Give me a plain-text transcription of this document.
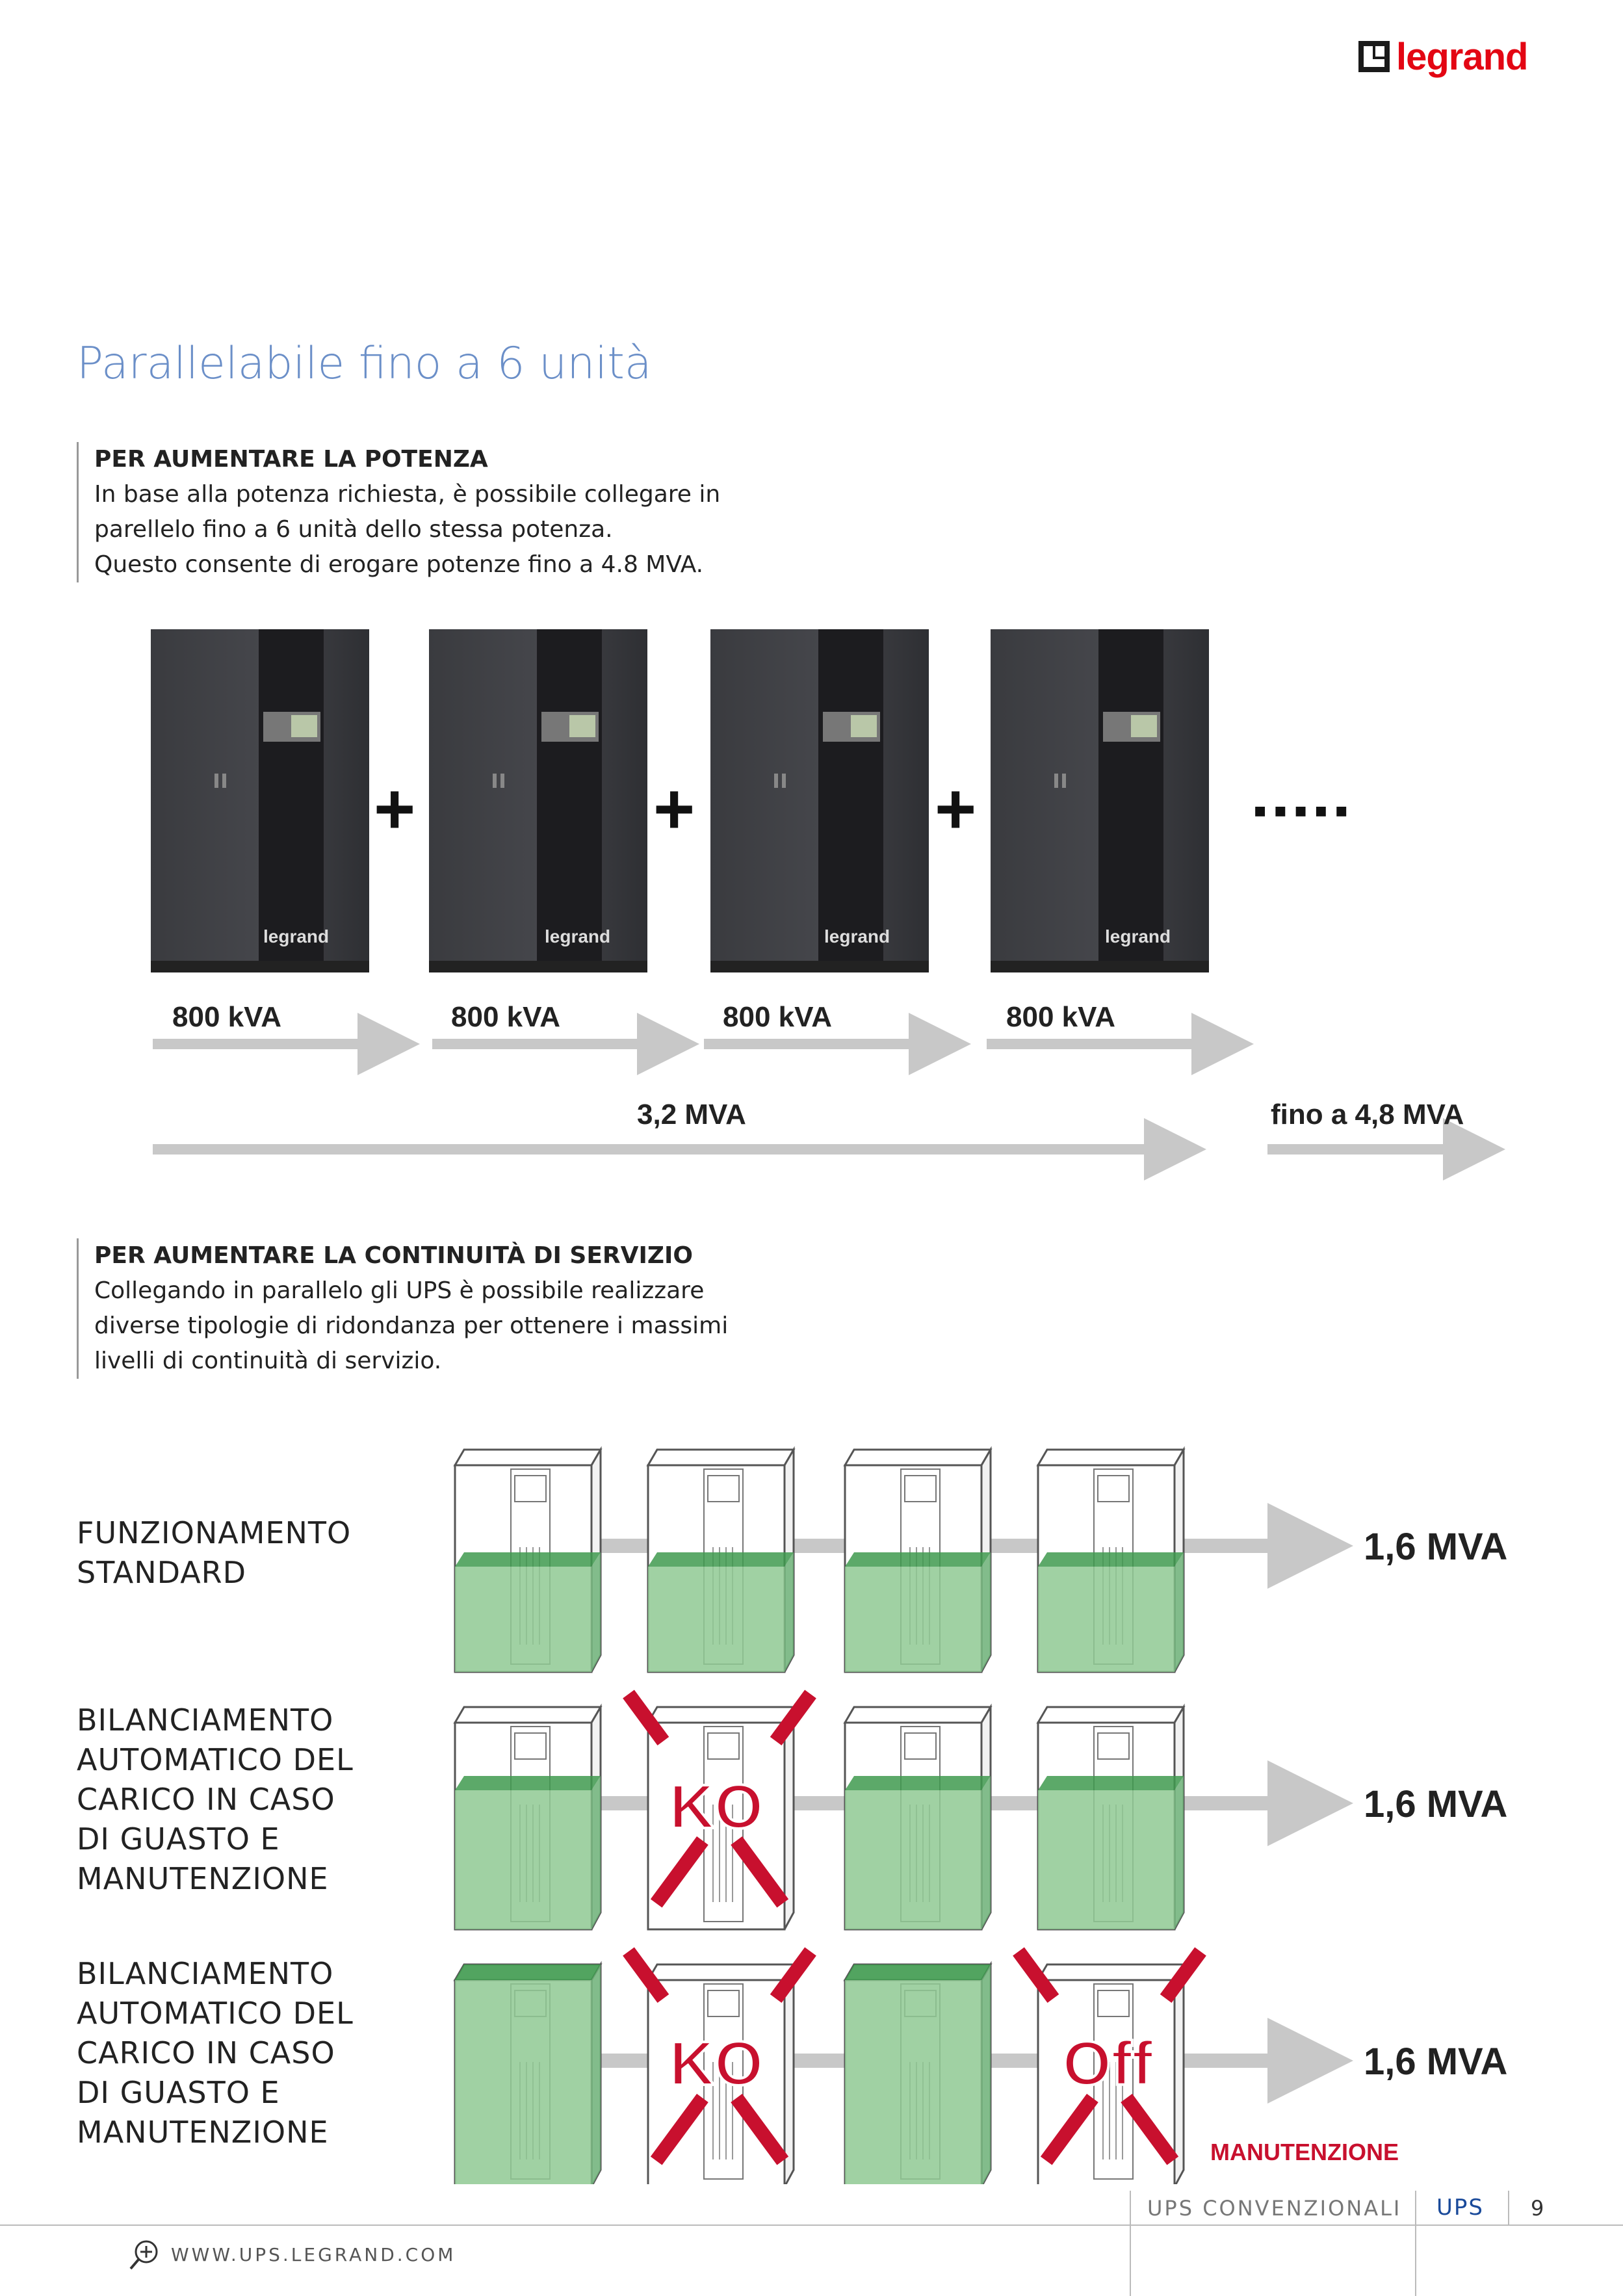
legrand
Parallelabile fino a 6 unità
PER AUMENTARE LA POTENZA
In base alla potenza richiesta, è possibile collegare in
parellelo fino a 6 unità dello stessa potenza.
Questo consente di erogare potenze fino a 4.8 MVA.
legrand	legrand	legrand	legrand
+	+	+	▪▪▪▪▪
800 kVA	800 kVA	800 kVA	800 kVA
3,2 MVA	fino a 4,8 MVA
PER AUMENTARE LA CONTINUITÀ DI SERVIZIO
Collegando in parallelo gli UPS è possibile realizzare
diverse tipologie di ridondanza per ottenere i massimi
livelli di continuità di servizio.
KO
KO	Off
MANUTENZIONE
FUNZIONAMENTO
STANDARD
BILANCIAMENTO
AUTOMATICO DEL
CARICO IN CASO
DI GUASTO E
MANUTENZIONE
BILANCIAMENTO
AUTOMATICO DEL
CARICO IN CASO
DI GUASTO E
MANUTENZIONE
1,6 MVA
1,6 MVA
1,6 MVA
UPS CONVENZIONALI UPS 9
WWW.UPS.LEGRAND.COM
